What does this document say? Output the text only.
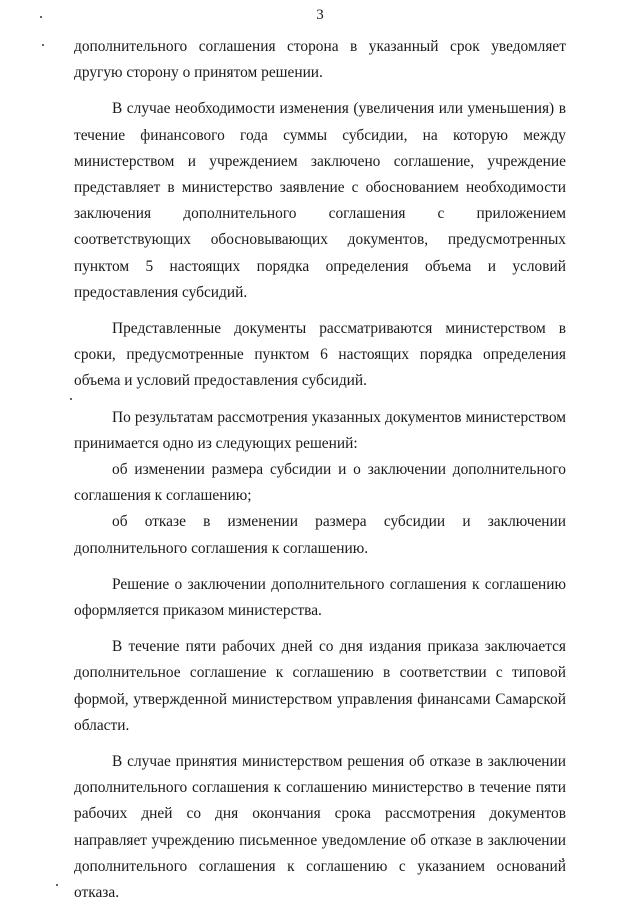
3

дополнительного соглашения сторона в указанный срок уведомляет другую сторону о принятом решении.

В случае необходимости изменения (увеличения или уменьшения) в течение финансового года суммы субсидии, на которую между министерством и учреждением заключено соглашение, учреждение представляет в министерство заявление с обоснованием необходимости заключения дополнительного соглашения с приложением соответствующих обосновывающих документов, предусмотренных пунктом 5 настоящих порядка определения объема и условий предоставления субсидий.

Представленные документы рассматриваются министерством в сроки, предусмотренные пунктом 6 настоящих порядка определения объема и условий предоставления субсидий.

По результатам рассмотрения указанных документов министерством принимается одно из следующих решений:

об изменении размера субсидии и о заключении дополнительного соглашения к соглашению;

об отказе в изменении размера субсидии и заключении дополнительного соглашения к соглашению.

Решение о заключении дополнительного соглашения к соглашению оформляется приказом министерства.

В течение пяти рабочих дней со дня издания приказа заключается дополнительное соглашение к соглашению в соответствии с типовой формой, утвержденной министерством управления финансами Самарской области.

В случае принятия министерством решения об отказе в заключении дополнительного соглашения к соглашению министерство в течение пяти рабочих дней со дня окончания срока рассмотрения документов направляет учреждению письменное уведомление об отказе в заключении дополнительного соглашения к соглашению с указанием оснований отказа.
